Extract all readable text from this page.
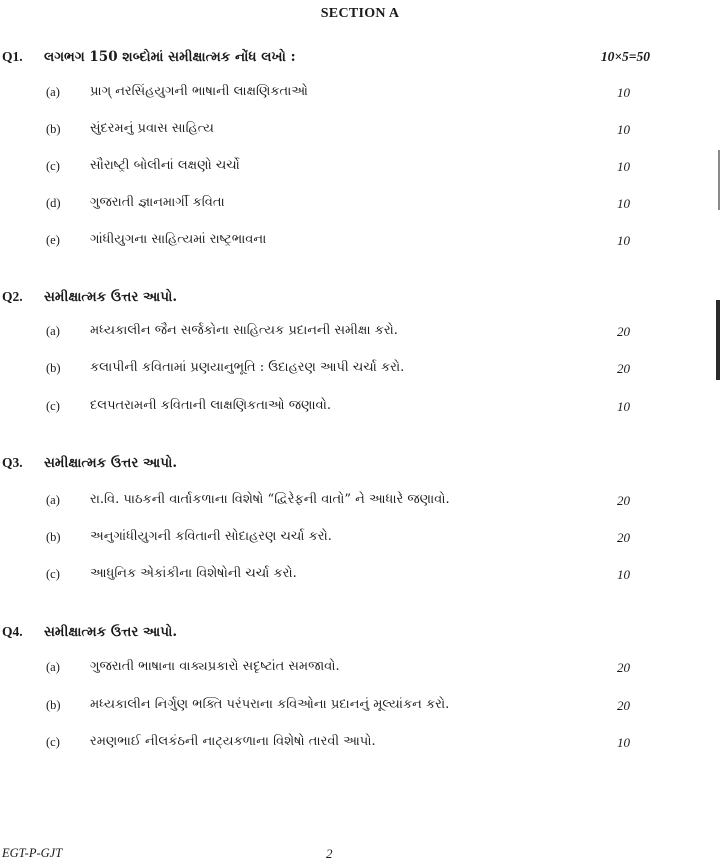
SECTION A
Q1. લગભગ 150 શબ્દોમાં સમીક્ષાત્મક નોંધ લખો :	10×5=50
(a) પ્રાગ્ નરસિંહયુગની ભાષાની લાક્ષણિકતાઓ	10
(b) સુંદરમનું પ્રવાસ સાહિત્ય	10
(c) સૌરાષ્ટ્રી બોલીનાં લક્ષણો ચર્ચો	10
(d) ગુજરાતી જ્ઞાનમાર્ગી કવિતા	10
(e) ગાંધીયુગના સાહિત્યમાં રાષ્ટ્રભાવના	10
Q2. સમીક્ષાત્મક ઉત્તર આપો.
(a) મધ્યકાલીન જૈન સર્જકોના સાહિત્યક પ્રદાનની સમીક્ષા કરો.	20
(b) કલાપીની કવિતામાં પ્રણયાનુભૂતિ : ઉદાહરણ આપી ચર્ચા કરો.	20
(c) દલપતરામની કવિતાની લાક્ષણિકતાઓ જણાવો.	10
Q3. સમીક્ષાત્મક ઉત્તર આપો.
(a) રા.વિ. પાઠકની વાર્તાકળાના વિશેષો “દ્વિરેફની વાતો” ને આધારે જણાવો.	20
(b) અનુગાંધીયુગની કવિતાની સોદાહરણ ચર્ચા કરો.	20
(c) આધુનિક એકાંકીના વિશેષોની ચર્ચા કરો.	10
Q4. સમીક્ષાત્મક ઉત્તર આપો.
(a) ગુજરાતી ભાષાના વાક્યપ્રકારો સદૃષ્ટાંત સમજાવો.	20
(b) મધ્યકાલીન નિર્ગુણ ભક્તિ પરંપરાના કવિઓના પ્રદાનનું મૂલ્યાંકન કરો.	20
(c) રમણભાઈ નીલકંઠની નાટ્યકળાના વિશેષો તારવી આપો.	10
EGT-P-GJT	2
